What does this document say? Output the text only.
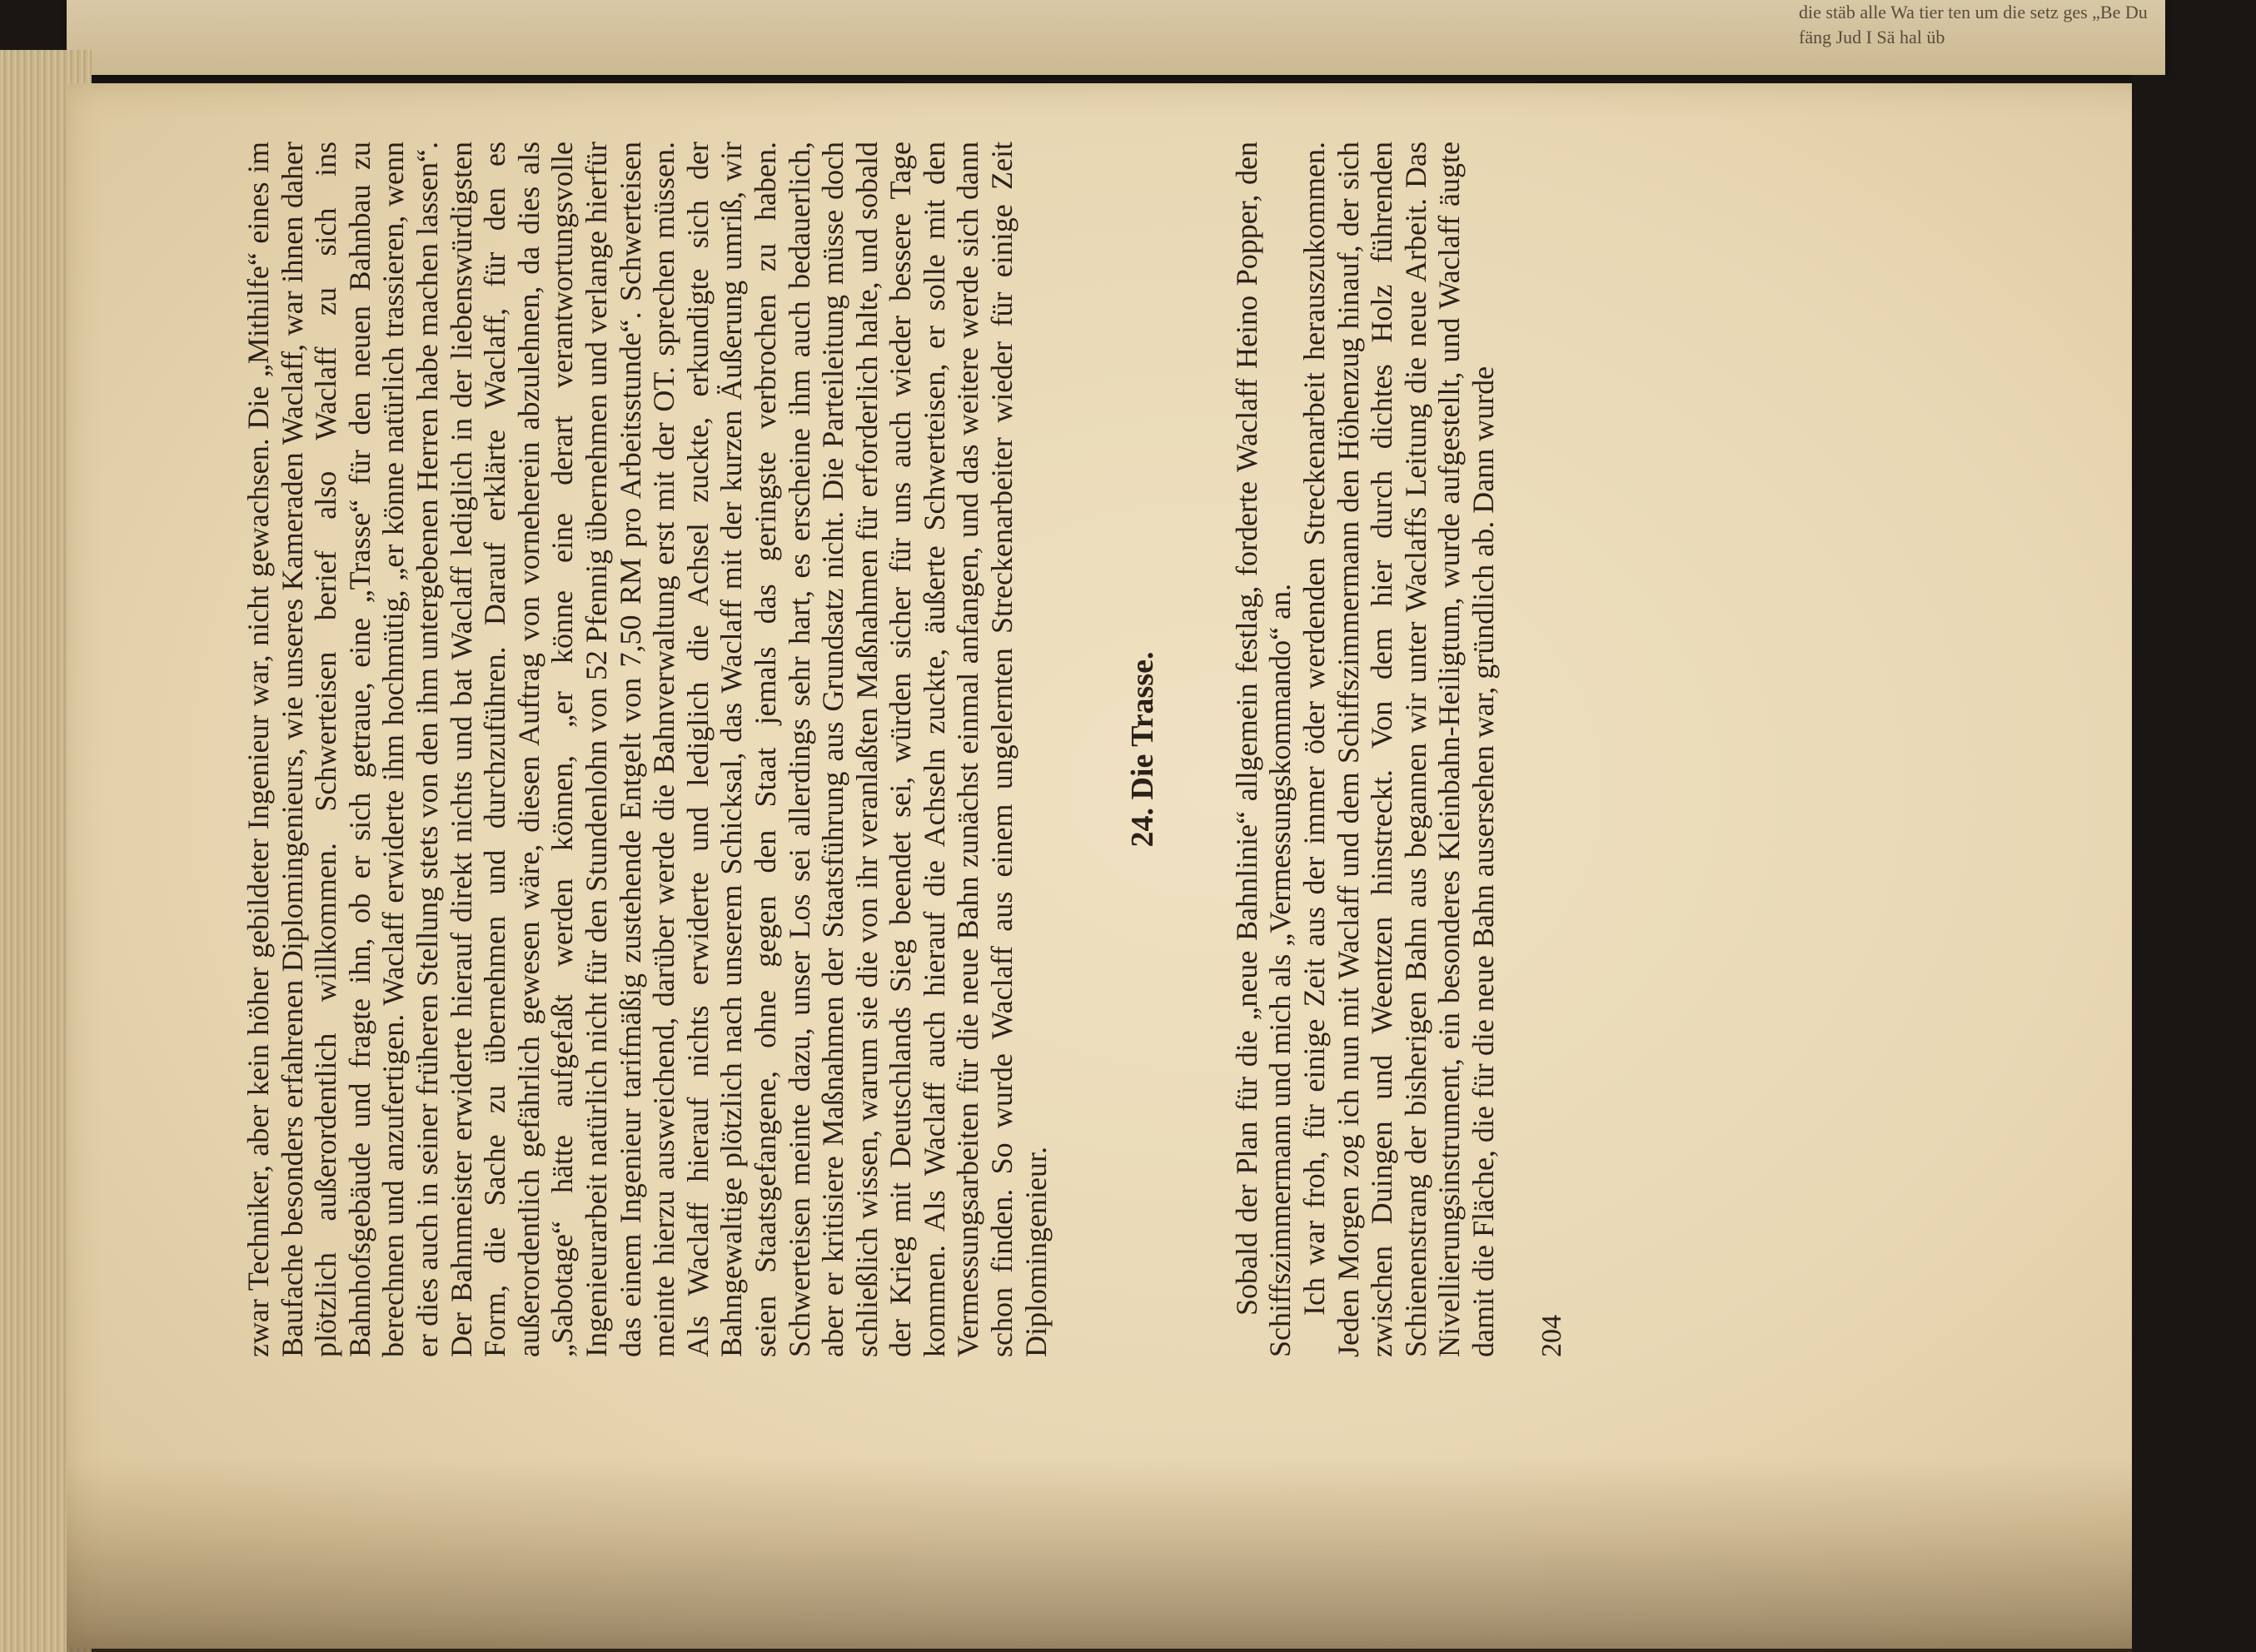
die stäb alle Wa tier ten um die setz ges „Be Du fäng Jud I Sä hal üb

zwar Techniker, aber kein höher gebildeter Ingenieur war, nicht gewachsen. Die „Mithilfe“ eines im Baufache besonders erfahrenen Diplomingenieurs, wie unseres Kameraden Waclaff, war ihnen daher plötzlich außerordentlich willkommen. Schwerteisen berief also Waclaff zu sich ins Bahnhofsgebäude und fragte ihn, ob er sich getraue, eine „Trasse“ für den neuen Bahnbau zu berechnen und anzufertigen. Waclaff erwiderte ihm hochmütig, „er könne natürlich trassieren, wenn er dies auch in seiner früheren Stellung stets von den ihm untergebenen Herren habe machen lassen“. Der Bahnmeister erwiderte hierauf direkt nichts und bat Waclaff lediglich in der liebenswürdigsten Form, die Sache zu übernehmen und durchzuführen. Darauf erklärte Waclaff, für den es außerordentlich gefährlich gewesen wäre, diesen Auftrag von vorneherein abzulehnen, da dies als „Sabotage“ hätte aufgefaßt werden können, „er könne eine derart verantwortungsvolle Ingenieurarbeit natürlich nicht für den Stundenlohn von 52 Pfennig übernehmen und verlange hierfür das einem Ingenieur tarifmäßig zustehende Entgelt von 7,50 RM pro Arbeitsstunde“. Schwerteisen meinte hierzu ausweichend, darüber werde die Bahnverwaltung erst mit der OT. sprechen müssen. Als Waclaff hierauf nichts erwiderte und lediglich die Achsel zuckte, erkundigte sich der Bahngewaltige plötzlich nach unserem Schicksal, das Waclaff mit der kurzen Äußerung umriß, wir seien Staatsgefangene, ohne gegen den Staat jemals das geringste verbrochen zu haben. Schwerteisen meinte dazu, unser Los sei allerdings sehr hart, es erscheine ihm auch bedauerlich, aber er kritisiere Maßnahmen der Staatsführung aus Grundsatz nicht. Die Parteileitung müsse doch schließlich wissen, warum sie die von ihr veranlaßten Maßnahmen für erforderlich halte, und sobald der Krieg mit Deutschlands Sieg beendet sei, würden sicher für uns auch wieder bessere Tage kommen. Als Waclaff auch hierauf die Achseln zuckte, äußerte Schwerteisen, er solle mit den Vermessungsarbeiten für die neue Bahn zunächst einmal anfangen, und das weitere werde sich dann schon finden. So wurde Waclaff aus einem ungelernten Streckenarbeiter wieder für einige Zeit Diplomingenieur.

24. Die Trasse. Sobald der Plan für die „neue Bahnlinie“ allgemein festlag, forderte Waclaff Heino Popper, den Schiffszimmermann und mich als „Vermessungskommando“ an. Ich war froh, für einige Zeit aus der immer öder werdenden Streckenarbeit herauszukommen. Jeden Morgen zog ich nun mit Waclaff und dem Schiffszimmermann den Höhenzug hinauf, der sich zwischen Duingen und Weentzen hinstreckt. Von dem hier durch dichtes Holz führenden Schienenstrang der bisherigen Bahn aus begannen wir unter Waclaffs Leitung die neue Arbeit. Das Nivellierungsinstrument, ein besonderes Kleinbahn-Heiligtum, wurde aufgestellt, und Waclaff äugte damit die Fläche, die für die neue Bahn ausersehen war, gründlich ab. Dann wurde 204
